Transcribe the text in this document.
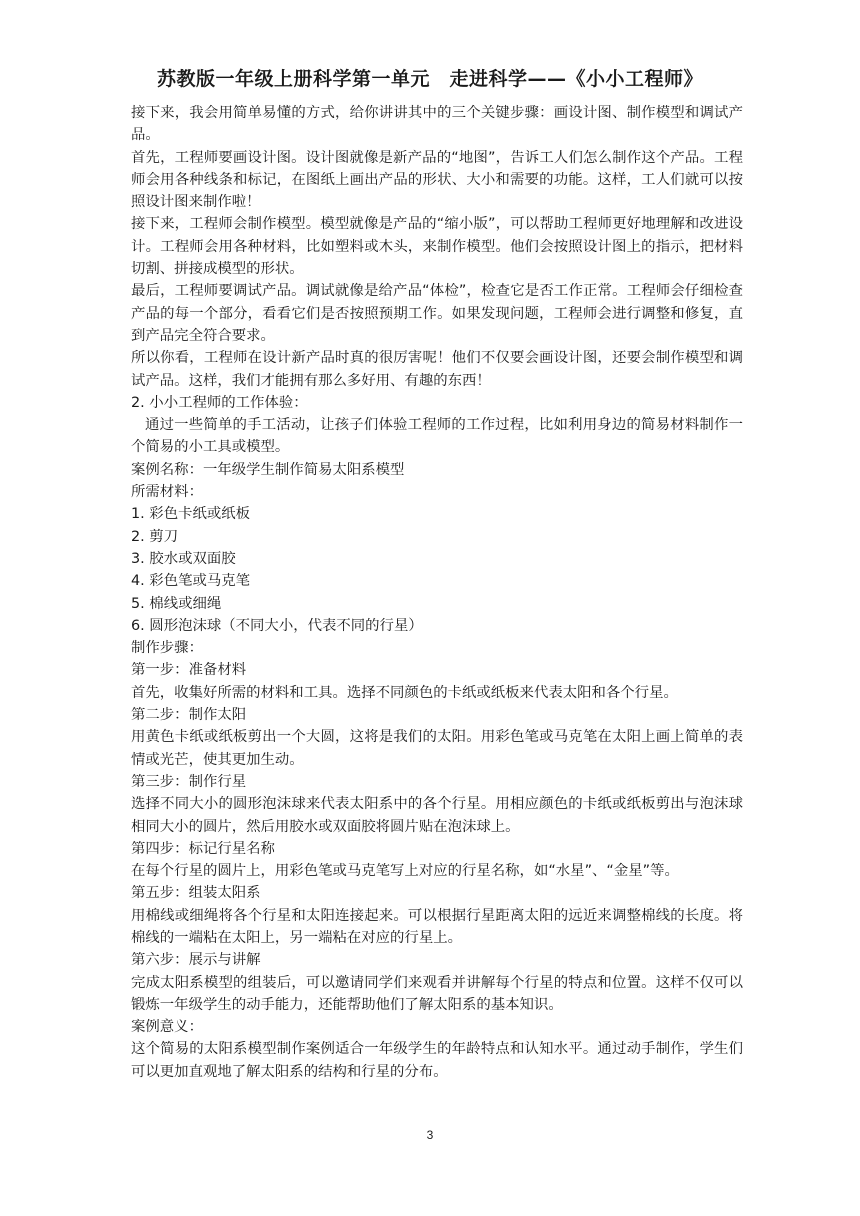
苏教版一年级上册科学第一单元　走进科学——《小小工程师》

接下来，我会用简单易懂的方式，给你讲讲其中的三个关键步骤：画设计图、制作模型和调试产品。

首先，工程师要画设计图。设计图就像是新产品的“地图”，告诉工人们怎么制作这个产品。工程师会用各种线条和标记，在图纸上画出产品的形状、大小和需要的功能。这样，工人们就可以按照设计图来制作啦！

接下来，工程师会制作模型。模型就像是产品的“缩小版”，可以帮助工程师更好地理解和改进设计。工程师会用各种材料，比如塑料或木头，来制作模型。他们会按照设计图上的指示，把材料切割、拼接成模型的形状。

最后，工程师要调试产品。调试就像是给产品“体检”，检查它是否工作正常。工程师会仔细检查产品的每一个部分，看看它们是否按照预期工作。如果发现问题，工程师会进行调整和修复，直到产品完全符合要求。

所以你看，工程师在设计新产品时真的很厉害呢！他们不仅要会画设计图，还要会制作模型和调试产品。这样，我们才能拥有那么多好用、有趣的东西！

2. 小小工程师的工作体验：

通过一些简单的手工活动，让孩子们体验工程师的工作过程，比如利用身边的简易材料制作一个简易的小工具或模型。

案例名称：一年级学生制作简易太阳系模型

所需材料：

1. 彩色卡纸或纸板

2. 剪刀

3. 胶水或双面胶

4. 彩色笔或马克笔

5. 棉线或细绳

6. 圆形泡沫球（不同大小，代表不同的行星）

制作步骤：

第一步：准备材料

首先，收集好所需的材料和工具。选择不同颜色的卡纸或纸板来代表太阳和各个行星。

第二步：制作太阳

用黄色卡纸或纸板剪出一个大圆，这将是我们的太阳。用彩色笔或马克笔在太阳上画上简单的表情或光芒，使其更加生动。

第三步：制作行星

选择不同大小的圆形泡沫球来代表太阳系中的各个行星。用相应颜色的卡纸或纸板剪出与泡沫球相同大小的圆片，然后用胶水或双面胶将圆片贴在泡沫球上。

第四步：标记行星名称

在每个行星的圆片上，用彩色笔或马克笔写上对应的行星名称，如“水星”、“金星”等。

第五步：组装太阳系

用棉线或细绳将各个行星和太阳连接起来。可以根据行星距离太阳的远近来调整棉线的长度。将棉线的一端粘在太阳上，另一端粘在对应的行星上。

第六步：展示与讲解

完成太阳系模型的组装后，可以邀请同学们来观看并讲解每个行星的特点和位置。这样不仅可以锻炼一年级学生的动手能力，还能帮助他们了解太阳系的基本知识。

案例意义：

这个简易的太阳系模型制作案例适合一年级学生的年龄特点和认知水平。通过动手制作，学生们可以更加直观地了解太阳系的结构和行星的分布。

3
